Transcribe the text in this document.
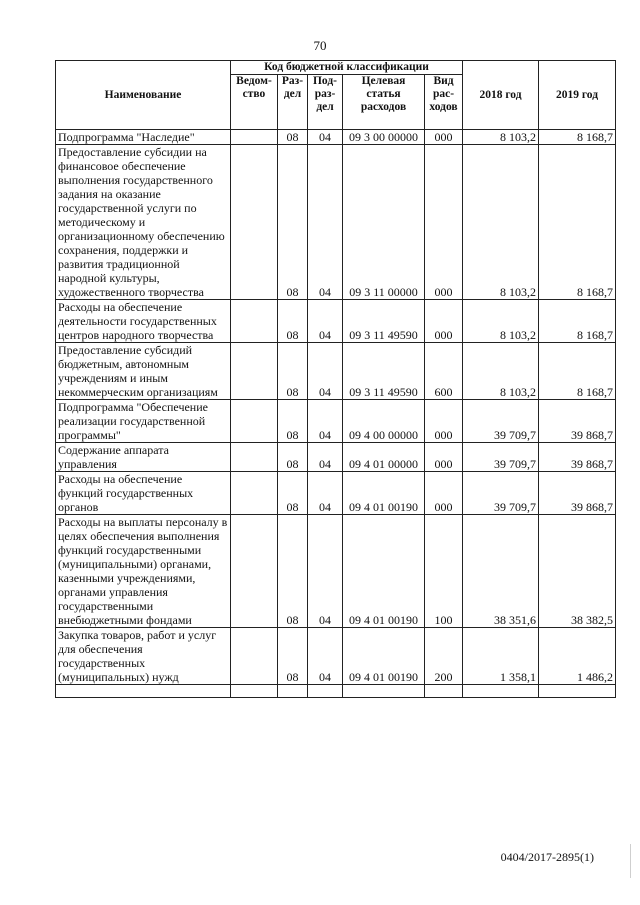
70
Наименование	Код бюджетной классификации					2018 год	2019 год
	Ведом-ство	Раз-дел	Под-раз-дел	Целевая статья расходов	Вид рас-ходов		
Подпрограмма "Наследие"		08	04	09 3 00 00000	000	8 103,2	8 168,7
Предоставление субсидии на финансовое обеспечение выполнения государственного задания на оказание государственной услуги по методическому и организационному обеспечению сохранения, поддержки и развития традиционной народной культуры, художественного творчества		08	04	09 3 11 00000	000	8 103,2	8 168,7
Расходы на обеспечение деятельности государственных центров народного творчества		08	04	09 3 11 49590	000	8 103,2	8 168,7
Предоставление субсидий бюджетным, автономным учреждениям и иным некоммерческим организациям		08	04	09 3 11 49590	600	8 103,2	8 168,7
Подпрограмма "Обеспечение реализации государственной программы"		08	04	09 4 00 00000	000	39 709,7	39 868,7
Содержание аппарата управления		08	04	09 4 01 00000	000	39 709,7	39 868,7
Расходы на обеспечение функций государственных органов		08	04	09 4 01 00190	000	39 709,7	39 868,7
Расходы на выплаты персоналу в целях обеспечения выполнения функций государственными (муниципальными) органами, казенными учреждениями, органами управления государственными внебюджетными фондами		08	04	09 4 01 00190	100	38 351,6	38 382,5
Закупка товаров, работ и услуг для обеспечения государственных (муниципальных) нужд		08	04	09 4 01 00190	200	1 358,1	1 486,2

0404/2017-2895(1)
